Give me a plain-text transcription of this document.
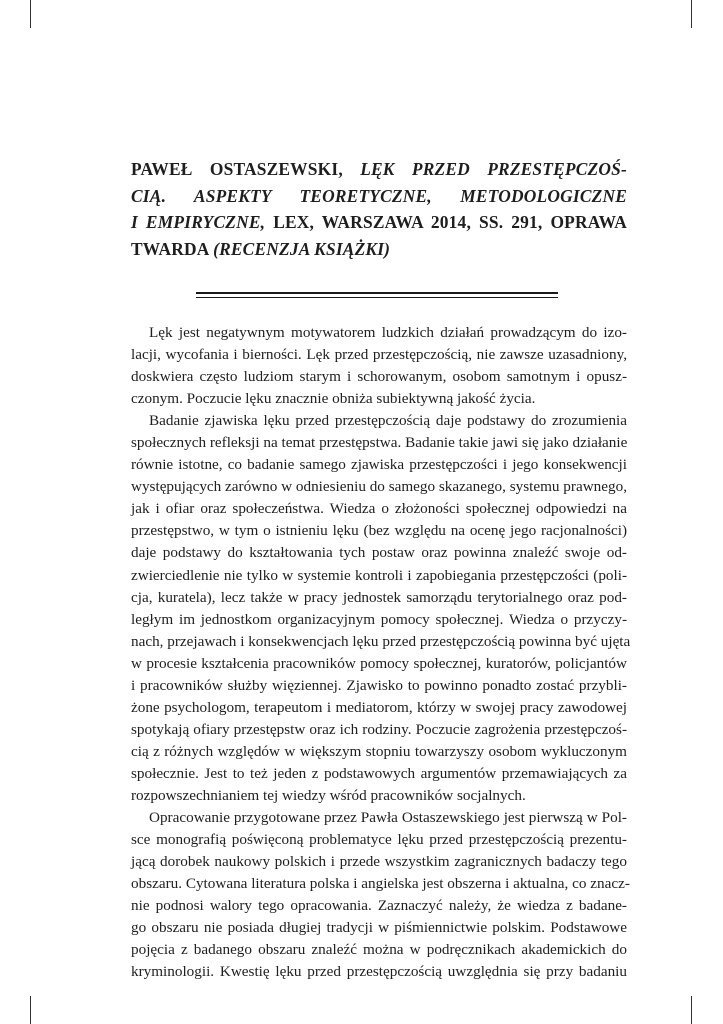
PAWEŁ OSTASZEWSKI, LĘK PRZED PRZESTĘPCZOŚ-
CIĄ. ASPEKTY TEORETYCZNE, METODOLOGICZNE
I EMPIRYCZNE, LEX, WARSZAWA 2014, SS. 291, OPRAWA
TWARDA (RECENZJA KSIĄŻKI)
Lęk jest negatywnym motywatorem ludzkich działań prowadzącym do izo-
lacji, wycofania i bierności. Lęk przed przestępczością, nie zawsze uzasadniony,
doskwiera często ludziom starym i schorowanym, osobom samotnym i opusz-
czonym. Poczucie lęku znacznie obniża subiektywną jakość życia.
Badanie zjawiska lęku przed przestępczością daje podstawy do zrozumienia
społecznych refleksji na temat przestępstwa. Badanie takie jawi się jako działanie
równie istotne, co badanie samego zjawiska przestępczości i jego konsekwencji
występujących zarówno w odniesieniu do samego skazanego, systemu prawnego,
jak i ofiar oraz społeczeństwa. Wiedza o złożoności społecznej odpowiedzi na
przestępstwo, w tym o istnieniu lęku (bez względu na ocenę jego racjonalności)
daje podstawy do kształtowania tych postaw oraz powinna znaleźć swoje od-
zwierciedlenie nie tylko w systemie kontroli i zapobiegania przestępczości (poli-
cja, kuratela), lecz także w pracy jednostek samorządu terytorialnego oraz pod-
ległym im jednostkom organizacyjnym pomocy społecznej. Wiedza o przyczy-
nach, przejawach i konsekwencjach lęku przed przestępczością powinna być ujęta
w procesie kształcenia pracowników pomocy społecznej, kuratorów, policjantów
i pracowników służby więziennej. Zjawisko to powinno ponadto zostać przybli-
żone psychologom, terapeutom i mediatorom, którzy w swojej pracy zawodowej
spotykają ofiary przestępstw oraz ich rodziny. Poczucie zagrożenia przestępczoś-
cią z różnych względów w większym stopniu towarzyszy osobom wykluczonym
społecznie. Jest to też jeden z podstawowych argumentów przemawiających za
rozpowszechnianiem tej wiedzy wśród pracowników socjalnych.
Opracowanie przygotowane przez Pawła Ostaszewskiego jest pierwszą w Pol-
sce monografią poświęconą problematyce lęku przed przestępczością prezentu-
jącą dorobek naukowy polskich i przede wszystkim zagranicznych badaczy tego
obszaru. Cytowana literatura polska i angielska jest obszerna i aktualna, co znacz-
nie podnosi walory tego opracowania. Zaznaczyć należy, że wiedza z badane-
go obszaru nie posiada długiej tradycji w piśmiennictwie polskim. Podstawowe
pojęcia z badanego obszaru znaleźć można w podręcznikach akademickich do
kryminologii. Kwestię lęku przed przestępczością uwzględnia się przy badaniu
